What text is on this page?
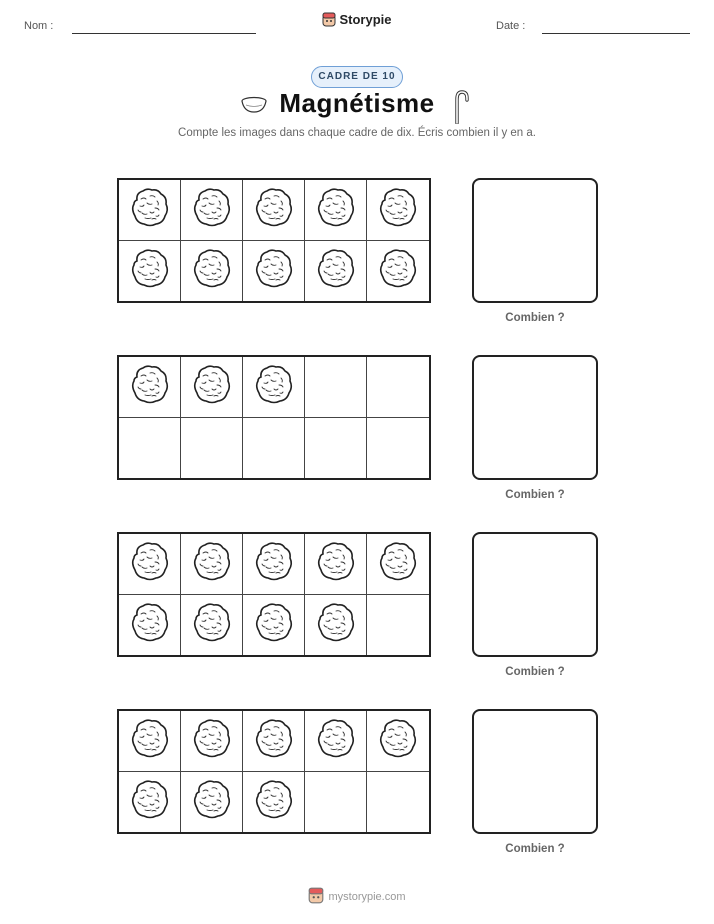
Nom :	Storypie	Date :
CADRE DE 10
Magnétisme
Compte les images dans chaque cadre de dix. Écris combien il y en a.
Combien ?
Combien ?
Combien ?
Combien ?
mystorypie.com
